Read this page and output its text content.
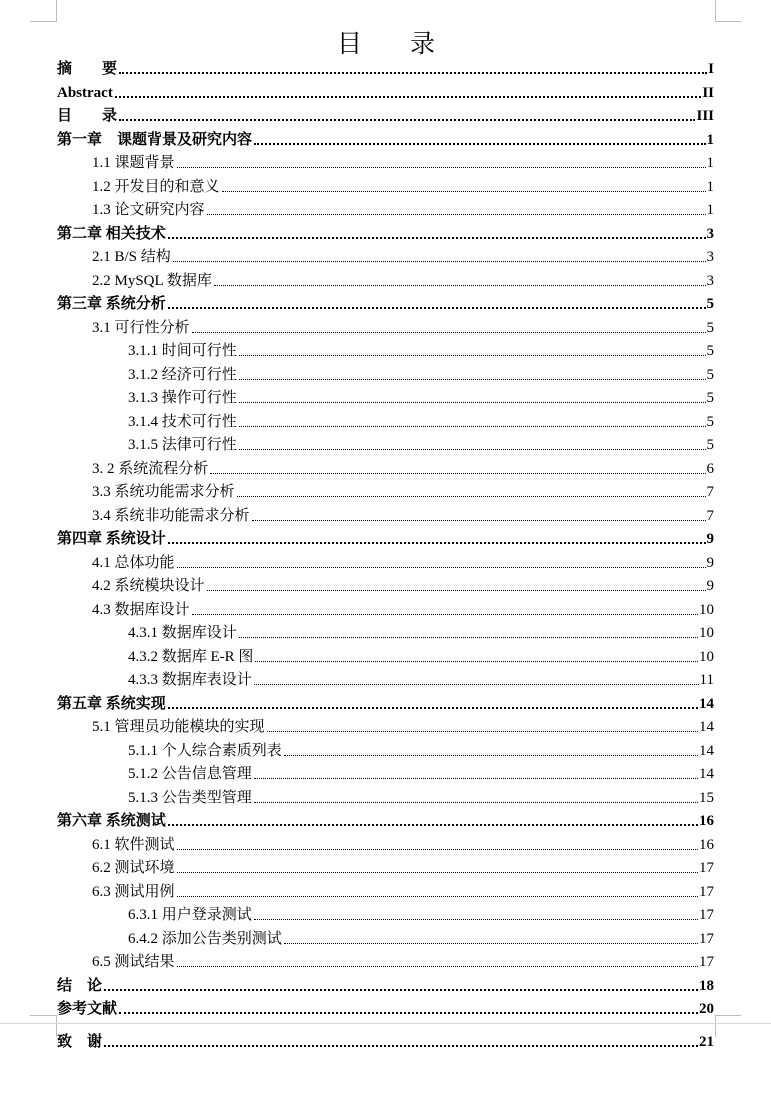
目 录
摘　　要	I
Abstract	II
目　　录	III
第一章　课题背景及研究内容	1
1.1 课题背景	1
1.2 开发目的和意义	1
1.3 论文研究内容	1
第二章 相关技术	3
2.1 B/S 结构	3
2.2 MySQL 数据库	3
第三章 系统分析	5
3.1 可行性分析	5
3.1.1 时间可行性	5
3.1.2 经济可行性	5
3.1.3 操作可行性	5
3.1.4 技术可行性	5
3.1.5 法律可行性	5
3. 2 系统流程分析	6
3.3 系统功能需求分析	7
3.4 系统非功能需求分析	7
第四章 系统设计	9
4.1 总体功能	9
4.2 系统模块设计	9
4.3 数据库设计	10
4.3.1 数据库设计	10
4.3.2 数据库 E-R 图	10
4.3.3 数据库表设计	11
第五章 系统实现	14
5.1 管理员功能模块的实现	14
5.1.1 个人综合素质列表	14
5.1.2 公告信息管理	14
5.1.3 公告类型管理	15
第六章 系统测试	16
6.1 软件测试	16
6.2 测试环境	17
6.3 测试用例	17
6.3.1 用户登录测试	17
6.4.2 添加公告类别测试	17
6.5 测试结果	17
结　论	18
参考文献	20
致　谢	21
